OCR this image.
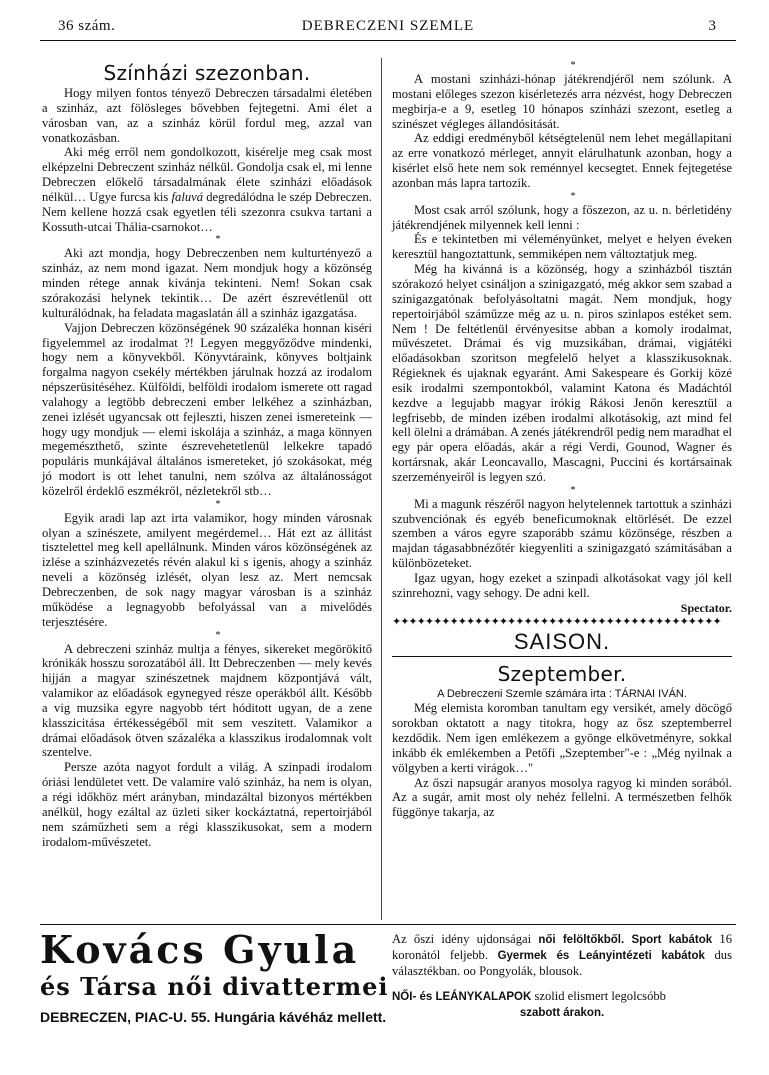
36 szám.	DEBRECZENI SZEMLE	3

Színházi szezonban.

Hogy milyen fontos tényező Debreczen társadalmi életében a szinház, azt fölösleges bővebben fejtegetni. Ami élet a városban van, az a szinház körül fordul meg, azzal van vonatkozásban.

Aki még erről nem gondolkozott, kisérelje meg csak most elképzelni Debreczent szinház nélkül. Gondolja csak el, mi lenne Debreczen előkelő társadalmának élete szinházi előadások nélkül… Ugye furcsa kis faluvá degredálódna le szép Debreczen. Nem kellene hozzá csak egyetlen téli szezonra csukva tartani a Kossuth-utcai Thália-csarnokot…

*

Aki azt mondja, hogy Debreczenben nem kulturtényező a szinház, az nem mond igazat. Nem mondjuk hogy a közönség minden rétege annak kivánja tekinteni. Nem! Sokan csak szórakozási helynek tekintik… De azért észrevétlenül ott kulturálódnak, ha feladata magaslatán áll a szinház igazgatása.

Vajjon Debreczen közönségének 90 százaléka honnan kiséri figyelemmel az irodalmat ?! Legyen meggyőződve mindenki, hogy nem a könyvekből. Könyvtáraink, könyves boltjaink forgalma nagyon csekély mértékben járulnak hozzá az irodalom népszerüsitéséhez. Külföldi, belföldi irodalom ismerete ott ragad valahogy a legtöbb debreczeni ember lelkéhez a szinházban, zenei izlését ugyancsak ott fejleszti, hiszen zenei ismereteink — hogy ugy mondjuk — elemi iskolája a szinház, a maga könnyen megemészthető, szinte észrevehetetlenül lelkekre tapadó populáris munkájával általános ismereteket, jó szokásokat, még jó modort is ott lehet tanulni, nem szólva az általánosságot közelről érdeklő eszmékről, nézletekről stb…

*

Egyik aradi lap azt irta valamikor, hogy minden városnak olyan a szinészete, amilyent megérdemel… Hát ezt az állitást tisztelettel meg kell apellálnunk. Minden város közönségének az izlése a szinházvezetés révén alakul ki s igenis, ahogy a szinház neveli a közönség izlését, olyan lesz az. Mert nemcsak Debreczenben, de sok nagy magyar városban is a szinház működése a legnagyobb befolyással van a mivelődés terjesztésére.

*

A debreczeni szinház multja a fényes, sikereket megörökitő krónikák hosszu sorozatából áll. Itt Debreczenben — mely kevés hijján a magyar szinészetnek majdnem központjává vált, valamikor az előadások egynegyed része operákból állt. Később a vig muzsika egyre nagyobb tért hóditott ugyan, de a zene klasszicitása értékességéből mit sem veszitett. Valamikor a drámai előadások ötven százaléka a klasszikus irodalomnak volt szentelve.

Persze azóta nagyot fordult a világ. A szinpadi irodalom óriási lendületet vett. De valamire való szinház, ha nem is olyan, a régi időkhöz mért arányban, mindazáltal bizonyos mértékben anélkül, hogy ezáltal az üzleti siker kockáztatná, repertoirjából nem száműzheti sem a régi klasszikusokat, sem a modern irodalom-művészetet.

*

A mostani szinházi-hónap játékrendjéről nem szólunk. A mostani előleges szezon kisérletezés arra nézvést, hogy Debreczen megbirja-e a 9, esetleg 10 hónapos szinházi szezont, esetleg a szinészet végleges állandósitását.

Az eddigi eredményből kétségtelenül nem lehet megállapitani az erre vonatkozó mérleget, annyit elárulhatunk azonban, hogy a kisérlet első hete nem sok reménnyel kecsegtet. Ennek fejtegetése azonban más lapra tartozik.

*

Most csak arról szólunk, hogy a főszezon, az u. n. bérletidény játékrendjének milyennek kell lenni :

És e tekintetben mi véleményünket, melyet e helyen éveken keresztül hangoztattunk, semmiképen nem változtatjuk meg.

Még ha kivánná is a közönség, hogy a szinházból tisztán szórakozó helyet csináljon a szinigazgató, még akkor sem szabad a szinigazgatónak befolyásoltatni magát. Nem mondjuk, hogy repertoirjából száműzze még az u. n. piros szinlapos estéket sem. Nem ! De feltétlenül érvényesitse abban a komoly irodalmat, művészetet. Drámai és vig muzsikában, drámai, vigjátéki előadásokban szoritson megfelelő helyet a klasszikusoknak. Régieknek és ujaknak egyaránt. Ami Sakespeare és Gorkij közé esik irodalmi szempontokból, valamint Katona és Madáchtól kezdve a legujabb magyar irókig Rákosi Jenőn keresztül a legfrisebb, de minden izében irodalmi alkotásokig, azt mind fel kell ölelni a drámában. A zenés játékrendről pedig nem maradhat el egy pár opera előadás, akár a régi Verdi, Gounod, Wagner és kortársnak, akár Leoncavallo, Mascagni, Puccini és kortársainak szerzeményeiről is legyen szó.

*

Mi a magunk részéről nagyon helytelennek tartottuk a szinházi szubvenciónak és egyéb beneficumoknak eltörlését. De ezzel szemben a város egyre szaporább számu közönsége, részben a majdan tágasabbnézőtér kiegyenliti a szinigazgató számitásában a különbözeteket.

Igaz ugyan, hogy ezeket a szinpadi alkotásokat vagy jól kell szinrehozni, vagy sehogy. De adni kell.

Spectator.

✦✦✦✦✦✦✦✦✦✦✦✦✦✦✦✦✦✦✦✦✦✦✦✦✦✦✦✦✦✦✦✦✦✦✦✦✦✦✦✦

SAISON.

Szeptember.

A Debreczeni Szemle számára irta : TÁRNAI IVÁN.

Még elemista koromban tanultam egy versikét, amely döcögő sorokban oktatott a nagy titokra, hogy az ősz szeptemberrel kezdődik. Nem igen emlékezem a gyönge elkövetményre, sokkal inkább ék emlékemben a Petőfi „Szeptember"-e : „Még nyilnak a völgyben a kerti virágok…"

Az őszi napsugár aranyos mosolya ragyog ki minden sorából. Az a sugár, amit most oly nehéz fellelni. A természetben felhők függönye takarja, az

Kovács Gyula

és Társa női divattermei

DEBRECZEN, PIAC-U. 55. Hungária kávéház mellett.

Az őszi idény ujdonságai női felöltőkből. Sport kabátok 16 koronától feljebb. Gyermek és Leányintézeti kabátok dus választékban. oo Pongyolák, blousok.

NŐI- és LEÁNYKALAPOK szolid elismert legolcsóbb

szabott árakon.
